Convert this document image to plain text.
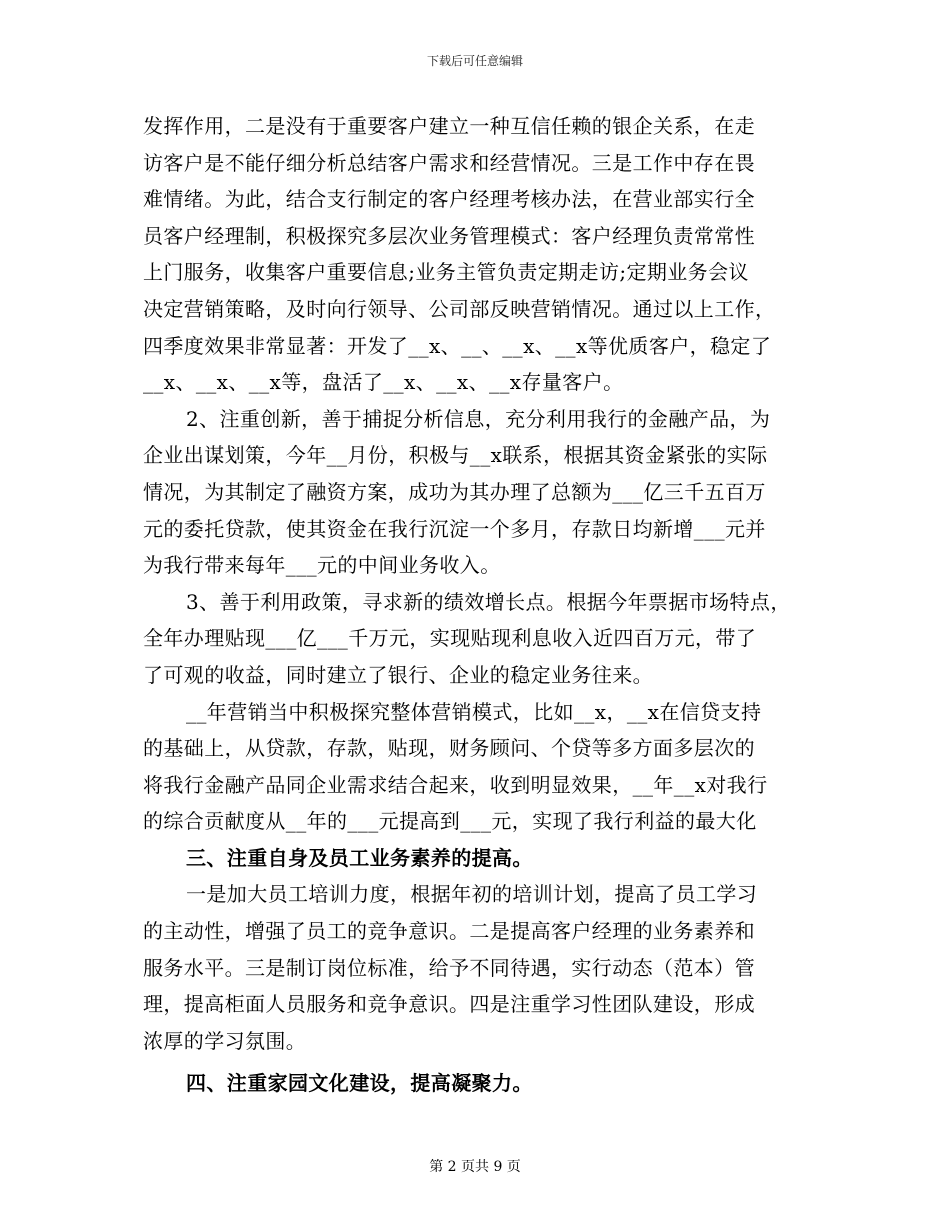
下载后可任意编辑
发挥作用，二是没有于重要客户建立一种互信任赖的银企关系，在走
访客户是不能仔细分析总结客户需求和经营情况。三是工作中存在畏
难情绪。为此，结合支行制定的客户经理考核办法，在营业部实行全
员客户经理制，积极探究多层次业务管理模式：客户经理负责常常性
上门服务，收集客户重要信息;业务主管负责定期走访;定期业务会议
决定营销策略，及时向行领导、公司部反映营销情况。通过以上工作，
四季度效果非常显著：开发了__x、__、__x、__x等优质客户，稳定了
__x、__x、__x等，盘活了__x、__x、__x存量客户。
2、注重创新，善于捕捉分析信息，充分利用我行的金融产品，为
企业出谋划策，今年__月份，积极与__x联系，根据其资金紧张的实际
情况，为其制定了融资方案，成功为其办理了总额为___亿三千五百万
元的委托贷款，使其资金在我行沉淀一个多月，存款日均新增___元并
为我行带来每年___元的中间业务收入。
3、善于利用政策，寻求新的绩效增长点。根据今年票据市场特点，
全年办理贴现___亿___千万元，实现贴现利息收入近四百万元，带了
了可观的收益，同时建立了银行、企业的稳定业务往来。
__年营销当中积极探究整体营销模式，比如__x，__x在信贷支持
的基础上，从贷款，存款，贴现，财务顾问、个贷等多方面多层次的
将我行金融产品同企业需求结合起来，收到明显效果，__年__x对我行
的综合贡献度从__年的___元提高到___元，实现了我行利益的最大化
三、注重自身及员工业务素养的提高。
一是加大员工培训力度，根据年初的培训计划，提高了员工学习
的主动性，增强了员工的竞争意识。二是提高客户经理的业务素养和
服务水平。三是制订岗位标准，给予不同待遇，实行动态（范本）管
理，提高柜面人员服务和竞争意识。四是注重学习性团队建设，形成
浓厚的学习氛围。
四、注重家园文化建设，提高凝聚力。
第 2 页共 9 页
